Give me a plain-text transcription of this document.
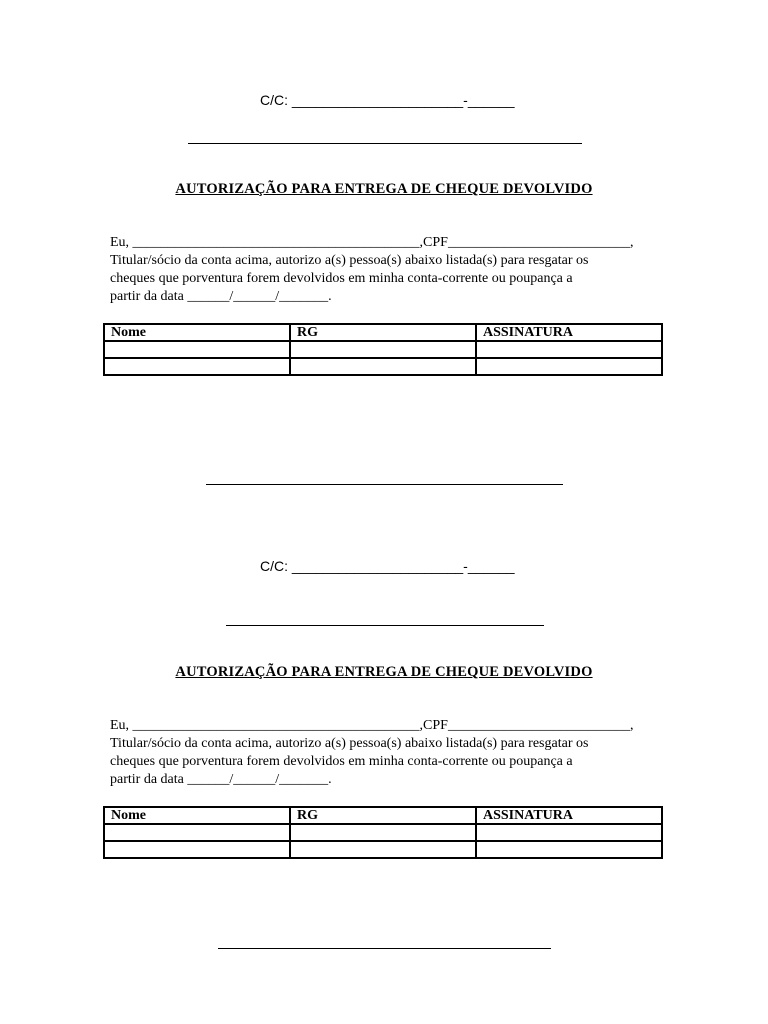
C/C: ______________________-______
AUTORIZAÇÃO PARA ENTREGA DE CHEQUE DEVOLVIDO
Eu, _________________________________________,CPF__________________________,
Titular/sócio da conta acima, autorizo a(s) pessoa(s) abaixo listada(s) para resgatar os
cheques que porventura forem devolvidos em minha conta-corrente ou poupança a
partir da data ______/______/_______.
Nome	RG	ASSINATURA

C/C: ______________________-______
AUTORIZAÇÃO PARA ENTREGA DE CHEQUE DEVOLVIDO
Eu, _________________________________________,CPF__________________________,
Titular/sócio da conta acima, autorizo a(s) pessoa(s) abaixo listada(s) para resgatar os
cheques que porventura forem devolvidos em minha conta-corrente ou poupança a
partir da data ______/______/_______.
Nome	RG	ASSINATURA
